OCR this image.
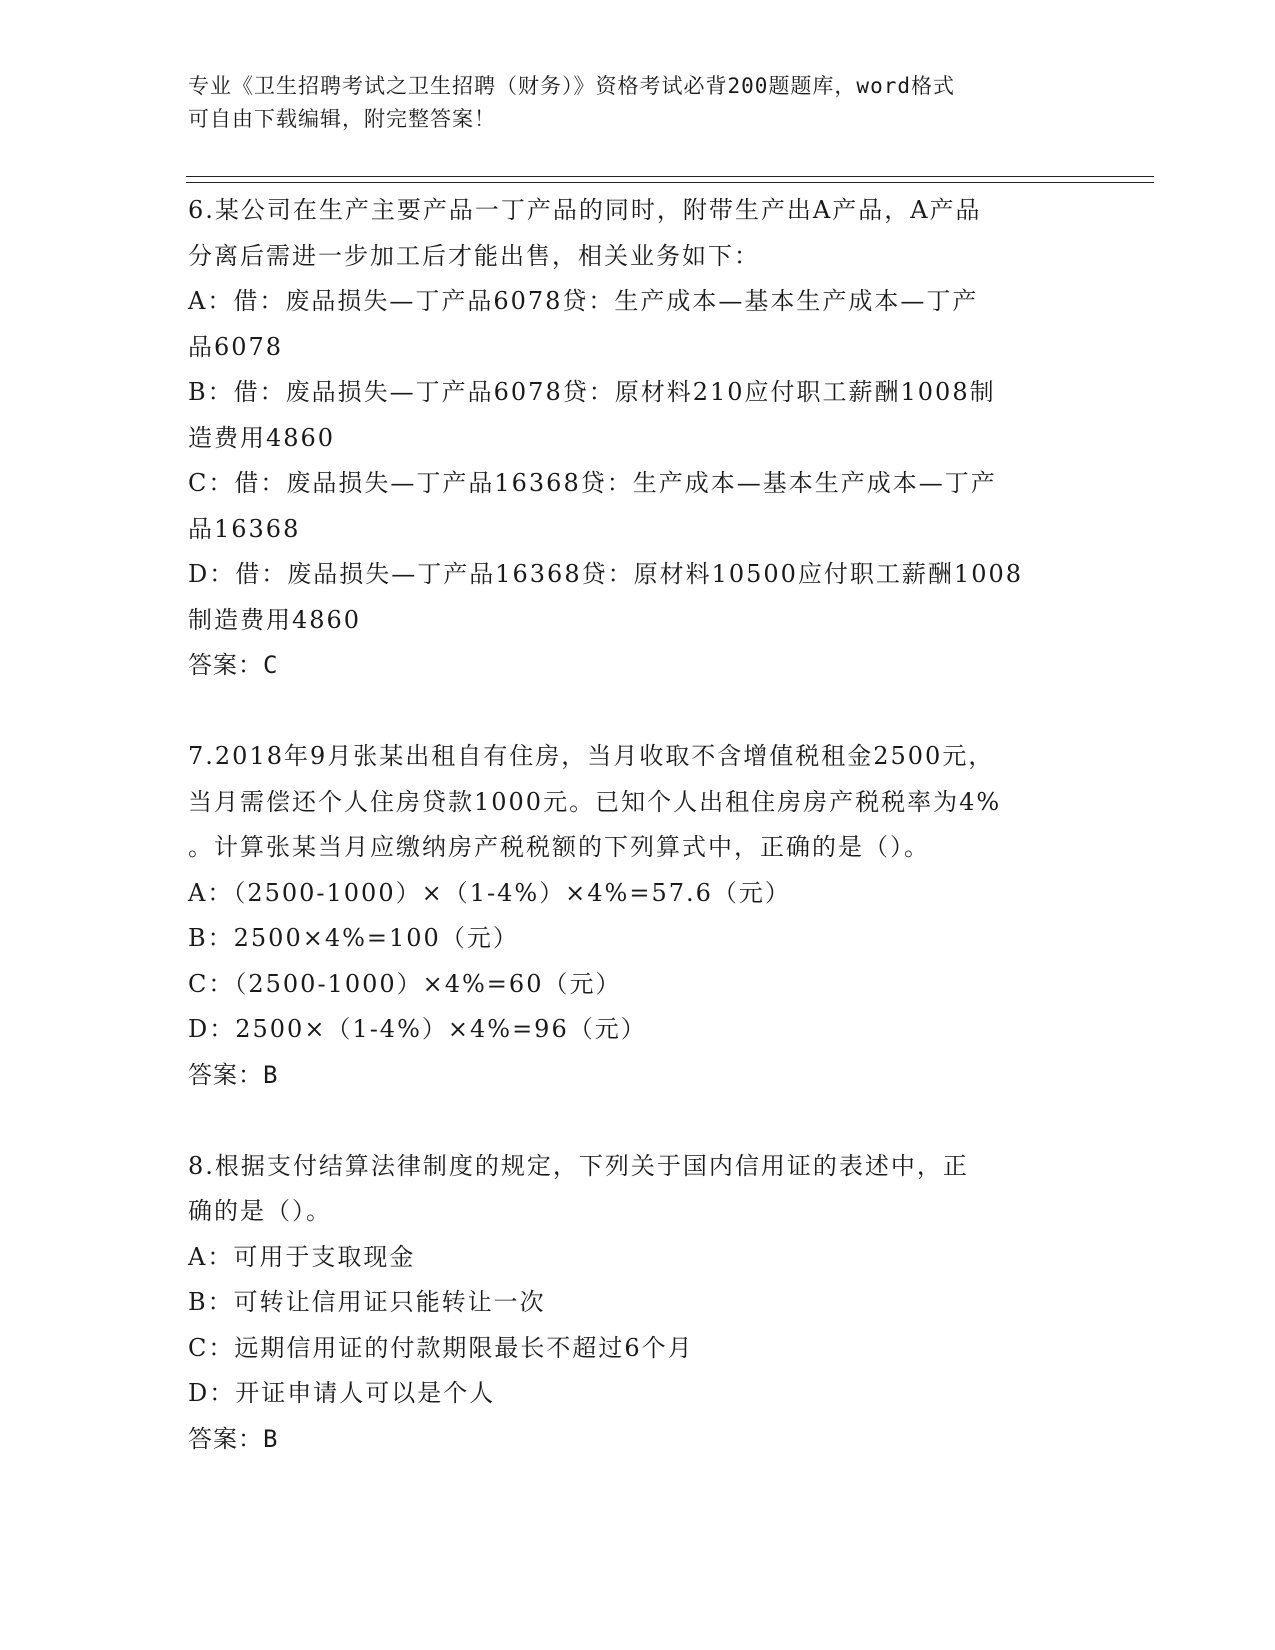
专业《卫生招聘考试之卫生招聘（财务）》资格考试必背200题题库，word格式
可自由下载编辑，附完整答案！

6.某公司在生产主要产品一丁产品的同时，附带生产出A产品，A产品

分离后需进一步加工后才能出售，相关业务如下：

A：借：废品损失—丁产品6078贷：生产成本—基本生产成本—丁产

品6078

B：借：废品损失—丁产品6078贷：原材料210应付职工薪酬1008制

造费用4860

C：借：废品损失—丁产品16368贷：生产成本—基本生产成本—丁产

品16368

D：借：废品损失—丁产品16368贷：原材料10500应付职工薪酬1008

制造费用4860

答案：C

7.2018年9月张某出租自有住房，当月收取不含增值税租金2500元，

当月需偿还个人住房贷款1000元。已知个人出租住房房产税税率为4%

。计算张某当月应缴纳房产税税额的下列算式中，正确的是（）。

A：（2500-1000）×（1-4%）×4%=57.6（元）

B：2500×4%=100（元）

C：（2500-1000）×4%=60（元）

D：2500×（1-4%）×4%=96（元）

答案：B

8.根据支付结算法律制度的规定，下列关于国内信用证的表述中，正

确的是（）。

A：可用于支取现金

B：可转让信用证只能转让一次

C：远期信用证的付款期限最长不超过6个月

D：开证申请人可以是个人

答案：B
